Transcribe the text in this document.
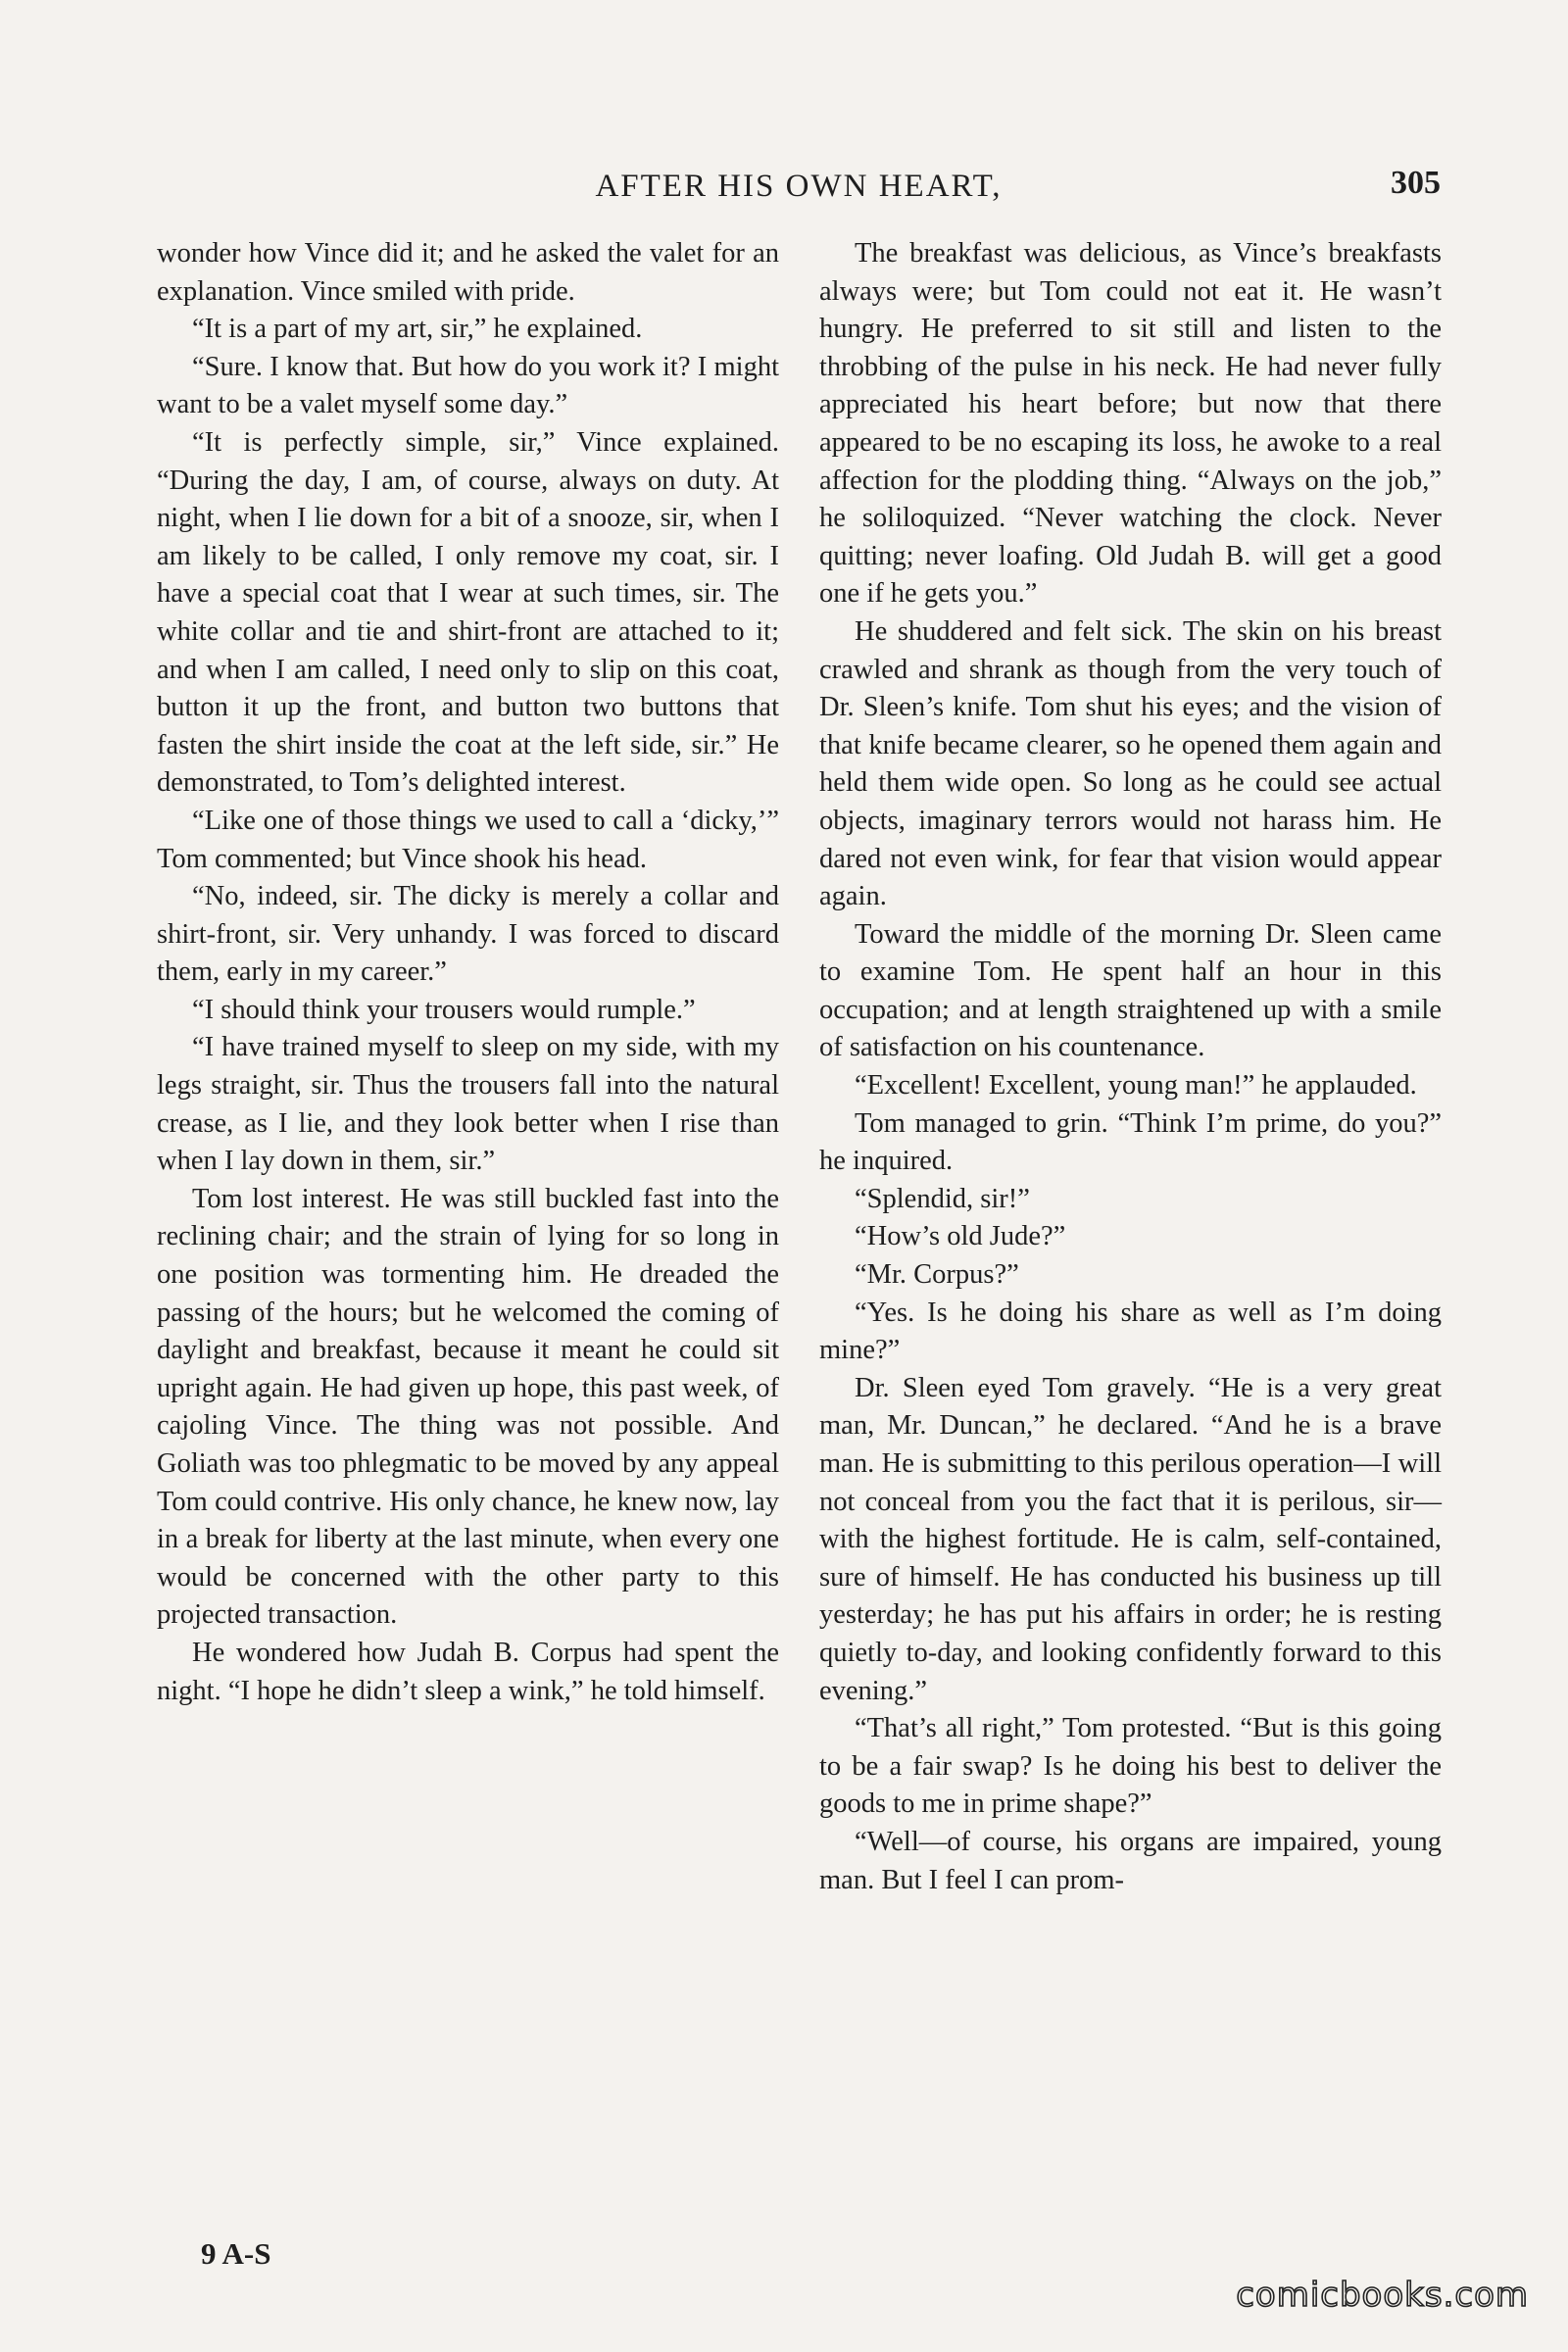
AFTER HIS OWN HEART,	305

wonder how Vince did it; and he asked the valet for an explanation. Vince smiled with pride.

“It is a part of my art, sir,” he explained.

“Sure. I know that. But how do you work it? I might want to be a valet myself some day.”

“It is perfectly simple, sir,” Vince explained. “During the day, I am, of course, always on duty. At night, when I lie down for a bit of a snooze, sir, when I am likely to be called, I only remove my coat, sir. I have a special coat that I wear at such times, sir. The white collar and tie and shirt-front are attached to it; and when I am called, I need only to slip on this coat, button it up the front, and button two buttons that fasten the shirt inside the coat at the left side, sir.” He demonstrated, to Tom’s delighted interest.

“Like one of those things we used to call a ‘dicky,’” Tom commented; but Vince shook his head.

“No, indeed, sir. The dicky is merely a collar and shirt-front, sir. Very unhandy. I was forced to discard them, early in my career.”

“I should think your trousers would rumple.”

“I have trained myself to sleep on my side, with my legs straight, sir. Thus the trousers fall into the natural crease, as I lie, and they look better when I rise than when I lay down in them, sir.”

Tom lost interest. He was still buckled fast into the reclining chair; and the strain of lying for so long in one position was tormenting him. He dreaded the passing of the hours; but he welcomed the coming of daylight and breakfast, because it meant he could sit upright again. He had given up hope, this past week, of cajoling Vince. The thing was not possible. And Goliath was too phlegmatic to be moved by any appeal Tom could contrive. His only chance, he knew now, lay in a break for liberty at the last minute, when every one would be concerned with the other party to this projected transaction.

He wondered how Judah B. Corpus had spent the night. “I hope he didn’t sleep a wink,” he told himself.

The breakfast was delicious, as Vince’s breakfasts always were; but Tom could not eat it. He wasn’t hungry. He preferred to sit still and listen to the throbbing of the pulse in his neck. He had never fully appreciated his heart before; but now that there appeared to be no escaping its loss, he awoke to a real affection for the plodding thing. “Always on the job,” he soliloquized. “Never watching the clock. Never quitting; never loafing. Old Judah B. will get a good one if he gets you.”

He shuddered and felt sick. The skin on his breast crawled and shrank as though from the very touch of Dr. Sleen’s knife. Tom shut his eyes; and the vision of that knife became clearer, so he opened them again and held them wide open. So long as he could see actual objects, imaginary terrors would not harass him. He dared not even wink, for fear that vision would appear again.

Toward the middle of the morning Dr. Sleen came to examine Tom. He spent half an hour in this occupation; and at length straightened up with a smile of satisfaction on his countenance.

“Excellent! Excellent, young man!” he applauded.

Tom managed to grin. “Think I’m prime, do you?” he inquired.

“Splendid, sir!”

“How’s old Jude?”

“Mr. Corpus?”

“Yes. Is he doing his share as well as I’m doing mine?”

Dr. Sleen eyed Tom gravely. “He is a very great man, Mr. Duncan,” he declared. “And he is a brave man. He is submitting to this perilous operation—I will not conceal from you the fact that it is perilous, sir—with the highest fortitude. He is calm, self-contained, sure of himself. He has conducted his business up till yesterday; he has put his affairs in order; he is resting quietly to-day, and looking confidently forward to this evening.”

“That’s all right,” Tom protested. “But is this going to be a fair swap? Is he doing his best to deliver the goods to me in prime shape?”

“Well—of course, his organs are impaired, young man. But I feel I can prom-

9 A-S
comicbooks.com
